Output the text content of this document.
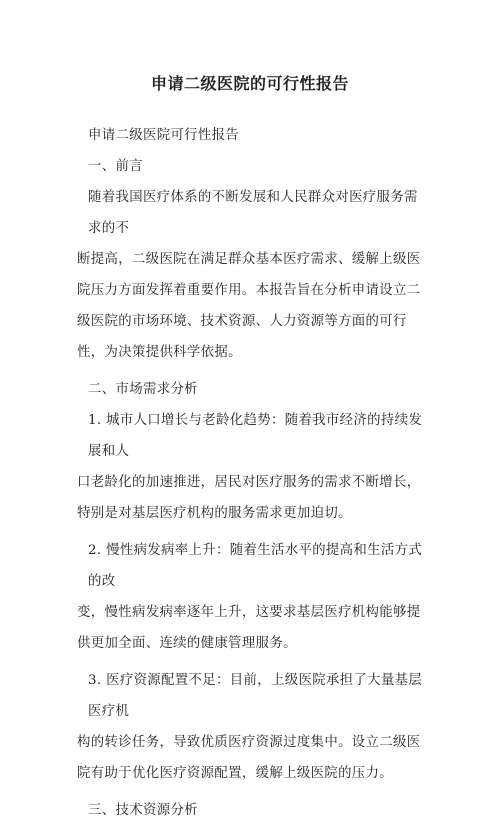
申请二级医院的可行性报告

申请二级医院可行性报告

一、前言

随着我国医疗体系的不断发展和人民群众对医疗服务需求的不

断提高，二级医院在满足群众基本医疗需求、缓解上级医院压力方面发挥着重要作用。本报告旨在分析申请设立二级医院的市场环境、技术资源、人力资源等方面的可行性，为决策提供科学依据。

二、市场需求分析

1. 城市人口增长与老龄化趋势：随着我市经济的持续发展和人

口老龄化的加速推进，居民对医疗服务的需求不断增长，特别是对基层医疗机构的服务需求更加迫切。

2. 慢性病发病率上升：随着生活水平的提高和生活方式的改

变，慢性病发病率逐年上升，这要求基层医疗机构能够提供更加全面、连续的健康管理服务。

3. 医疗资源配置不足：目前，上级医院承担了大量基层医疗机

构的转诊任务，导致优质医疗资源过度集中。设立二级医院有助于优化医疗资源配置，缓解上级医院的压力。

三、技术资源分析
